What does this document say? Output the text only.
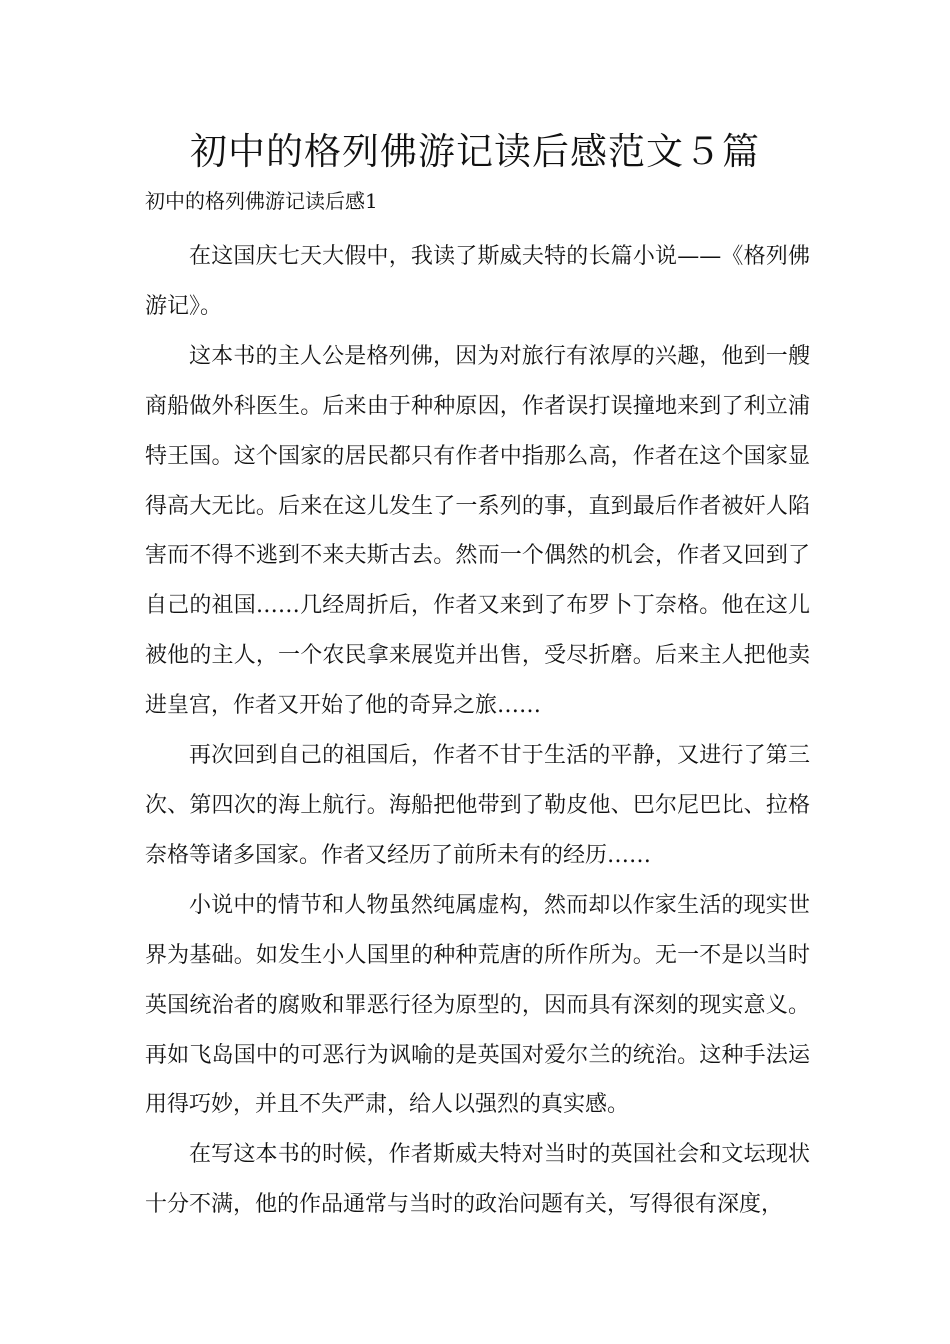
初中的格列佛游记读后感范文５篇

初中的格列佛游记读后感1

在这国庆七天大假中，我读了斯威夫特的长篇小说——《格列佛游记》。

这本书的主人公是格列佛，因为对旅行有浓厚的兴趣，他到一艘商船做外科医生。后来由于种种原因，作者误打误撞地来到了利立浦特王国。这个国家的居民都只有作者中指那么高，作者在这个国家显得高大无比。后来在这儿发生了一系列的事，直到最后作者被奸人陷害而不得不逃到不来夫斯古去。然而一个偶然的机会，作者又回到了自己的祖国……几经周折后，作者又来到了布罗卜丁奈格。他在这儿被他的主人，一个农民拿来展览并出售，受尽折磨。后来主人把他卖进皇宫，作者又开始了他的奇异之旅……

再次回到自己的祖国后，作者不甘于生活的平静，又进行了第三次、第四次的海上航行。海船把他带到了勒皮他、巴尔尼巴比、拉格奈格等诸多国家。作者又经历了前所未有的经历……

小说中的情节和人物虽然纯属虚构，然而却以作家生活的现实世界为基础。如发生小人国里的种种荒唐的所作所为。无一不是以当时英国统治者的腐败和罪恶行径为原型的，因而具有深刻的现实意义。再如飞岛国中的可恶行为讽喻的是英国对爱尔兰的统治。这种手法运用得巧妙，并且不失严肃，给人以强烈的真实感。

在写这本书的时候，作者斯威夫特对当时的英国社会和文坛现状十分不满，他的作品通常与当时的政治问题有关，写得很有深度，
